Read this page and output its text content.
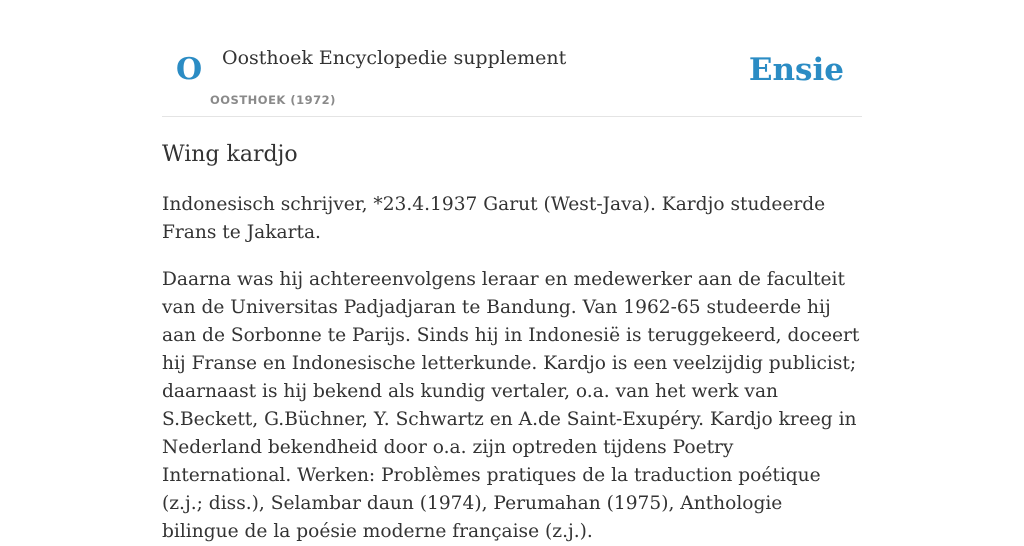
O Oosthoek Encyclopedie supplement
OOSTHOEK (1972)
Ensie
Wing kardjo

Indonesisch schrijver, *23.4.1937 Garut (West-Java). Kardjo studeerde Frans te Jakarta.

Daarna was hij achtereenvolgens leraar en medewerker aan de faculteit van de Universitas Padjadjaran te Bandung. Van 1962-65 studeerde hij aan de Sorbonne te Parijs. Sinds hij in Indonesië is teruggekeerd, doceert hij Franse en Indonesische letterkunde. Kardjo is een veelzijdig publicist; daarnaast is hij bekend als kundig vertaler, o.a. van het werk van S.Beckett, G.Büchner, Y. Schwartz en A.de Saint-Exupéry. Kardjo kreeg in Nederland bekendheid door o.a. zijn optreden tijdens Poetry International. Werken: Problèmes pratiques de la traduction poétique (z.j.; diss.), Selambar daun (1974), Perumahan (1975), Anthologie bilingue de la poésie moderne française (z.j.).
